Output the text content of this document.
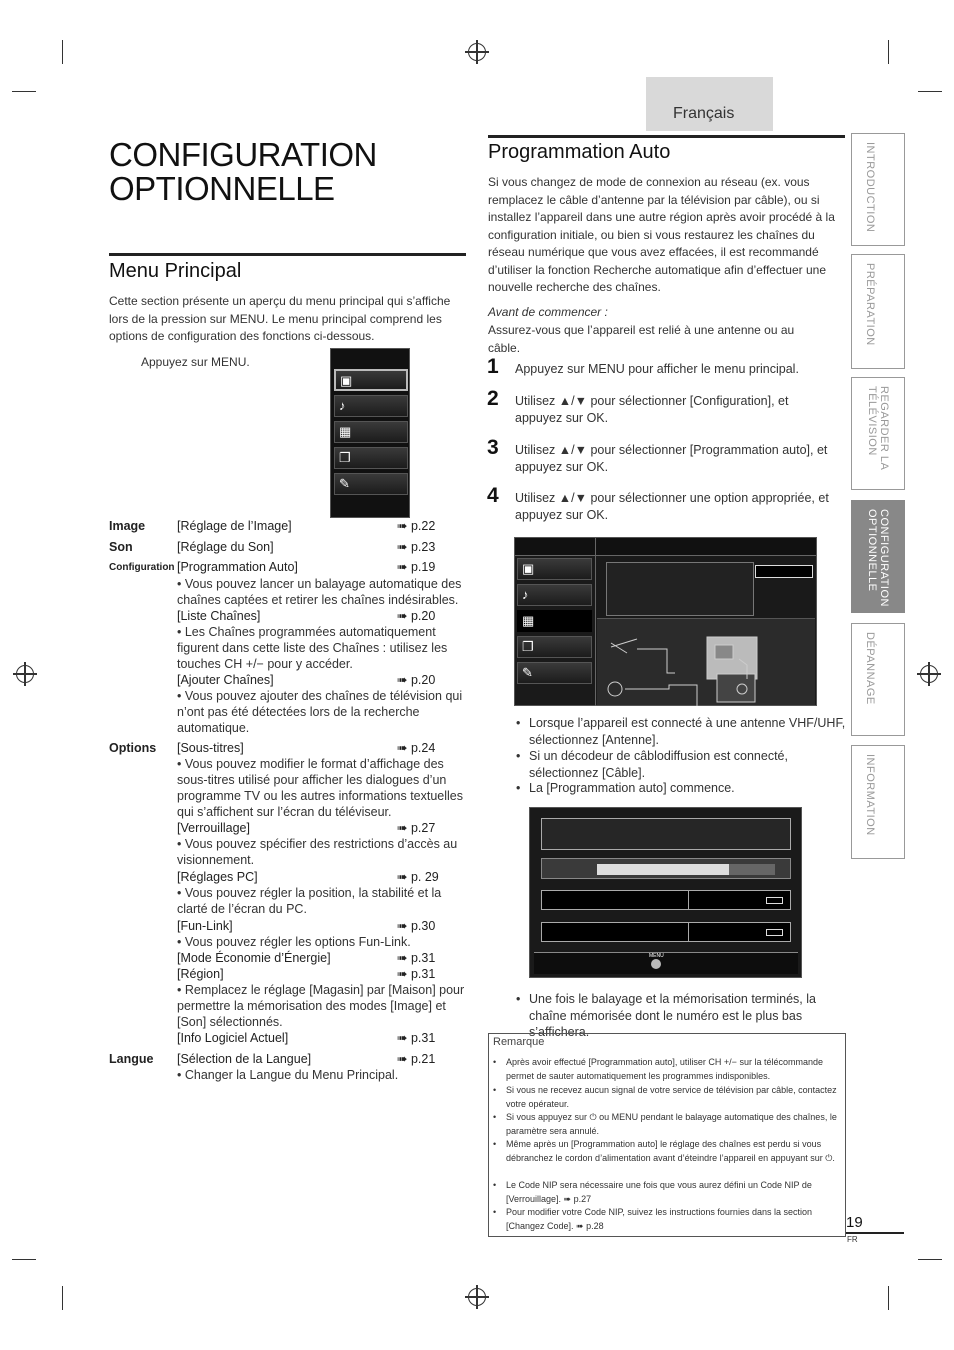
Français
CONFIGURATION
OPTIONNELLE
Menu Principal
Cette section présente un aperçu du menu principal qui s’affiche lors de la pression sur MENU. Le menu principal comprend les options de configuration des fonctions ci-dessous.
Appuyez sur MENU.
▣
♪
▦
❐
✎
Image	[Réglage de l’Image]	➠ p.22
Son	[Réglage du Son]	➠ p.23
Configuration [Programmation Auto]	➠ p.19
• Vous pouvez lancer un balayage automatique des chaînes captées et retirer les chaînes indésirables.
[Liste Chaînes]	➠ p.20
• Les Chaînes programmées automatiquement figurent dans cette liste des Chaînes : utilisez les touches CH +/− pour y accéder.
[Ajouter Chaînes]	➠ p.20
• Vous pouvez ajouter des chaînes de télévision qui n’ont pas été détectées lors de la recherche automatique.
Options [Sous-titres]	➠ p.24
• Vous pouvez modifier le format d’affichage des sous-titres utilisé pour afficher les dialogues d’un programme TV ou les autres informations textuelles qui s’affichent sur l’écran du téléviseur.
[Verrouillage]	➠ p.27
• Vous pouvez spécifier des restrictions d’accès au visionnement.
[Réglages PC]	➠ p. 29
• Vous pouvez régler la position, la stabilité et la clarté de l’écran du PC.
[Fun-Link]	➠ p.30
• Vous pouvez régler les options Fun-Link.
[Mode Économie d’Énergie]	➠ p.31
[Région]	➠ p.31
• Remplacez le réglage [Magasin] par [Maison] pour permettre la mémorisation des modes [Image] et [Son] sélectionnés.
[Info Logiciel Actuel]	➠ p.31
Langue [Sélection de la Langue]	➠ p.21
• Changer la Langue du Menu Principal.
Programmation Auto
Si vous changez de mode de connexion au réseau (ex. vous remplacez le câble d’antenne par la télévision par câble), ou si installez l’appareil dans une autre région après avoir procédé à la configuration initiale, ou bien si vous restaurez les chaînes du réseau numérique que vous avez effacées, il est recommandé d’utiliser la fonction Recherche automatique afin d’effectuer une nouvelle recherche des chaînes.
Avant de commencer :
Assurez-vous que l’appareil est relié à une antenne ou au câble.
1 Appuyez sur MENU pour afficher le menu principal.
2 Utilisez ▲/▼ pour sélectionner [Configuration], et appuyez sur OK.
3 Utilisez ▲/▼ pour sélectionner [Programmation auto], et appuyez sur OK.
4 Utilisez ▲/▼ pour sélectionner une option appropriée, et appuyez sur OK.
▣
♪
▦
❐
✎
• Lorsque l’appareil est connecté à une antenne VHF/UHF, sélectionnez [Antenne].
• Si un décodeur de câblodiffusion est connecté, sélectionnez [Câble].
• La [Programmation auto] commence.
MENU
• Une fois le balayage et la mémorisation terminés, la chaîne mémorisée dont le numéro est le plus bas s’affichera.
Remarque
• Après avoir effectué [Programmation auto], utiliser CH +/− sur la télécommande permet de sauter automatiquement les programmes indisponibles.
• Si vous ne recevez aucun signal de votre service de télévision par câble, contactez votre opérateur.
• Si vous appuyez sur ⏻ ou MENU pendant le balayage automatique des chaînes, le paramètre sera annulé.
• Même après un [Programmation auto] le réglage des chaînes est perdu si vous débranchez le cordon d’alimentation avant d’éteindre l’appareil en appuyant sur ⏻.
• Le Code NIP sera nécessaire une fois que vous aurez défini un Code NIP de [Verrouillage]. ➠ p.27
• Pour modifier votre Code NIP, suivez les instructions fournies dans la section [Changez Code]. ➠ p.28
INTRODUCTION
PRÉPARATION
REGARDER LA TÉLÉVISION
CONFIGURATION OPTIONNELLE
DÉPANNAGE
INFORMATION
19
FR
